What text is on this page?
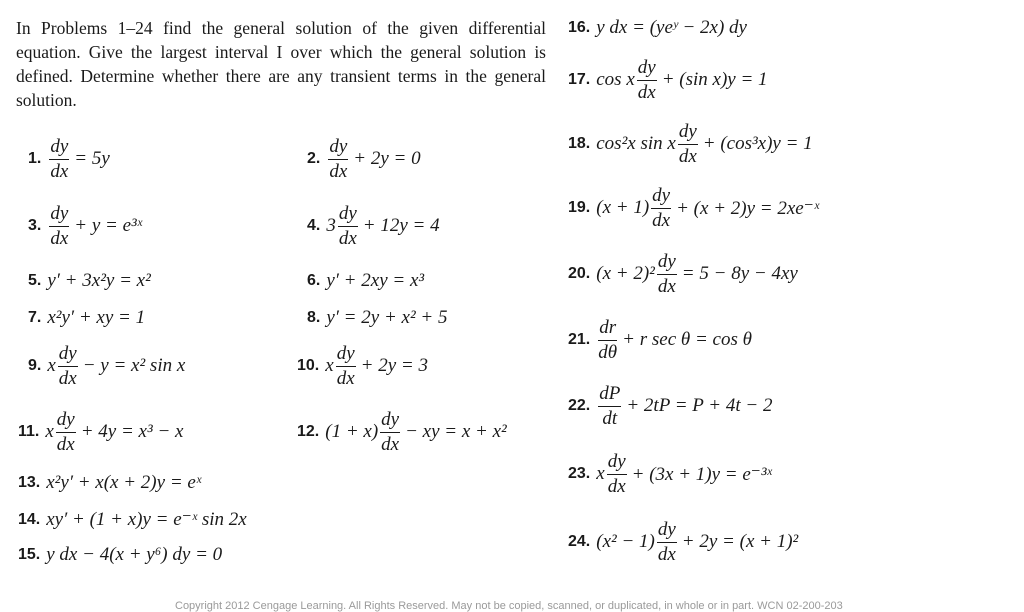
In Problems 1–24 find the general solution of the given differential equation. Give the largest interval I over which the general solution is defined. Determine whether there are any transient terms in the general solution.

1. $\frac{dy}{dx} = 5y$
3. $\frac{dy}{dx} + y$ = e³ˣ
5. y′ + 3x²y = x²
7. x²y′ + xy = 1
9. x $\frac{dy}{dx} - y = x^2$ sin x
11. x $\frac{dy}{dx} + 4y = x^3 - x$
13. x²y′ + x(x + 2)y = eˣ
14. xy′ + (1 + x)y = e⁻ˣ sin 2x
15. y dx − 4(x + y⁶) dy = 0
2. $\frac{dy}{dx} + 2y = 0$
4. $3 \frac{dy}{dx} + 12y = 4$
6. y′ + 2xy = x³
8. y′ = 2y + x² + 5
10. x $\frac{dy}{dx} + 2y = 3$
12. $(1 + x) \frac{dy}{dx}$ − xy = x + x²
16. y dx = (yeʸ − 2x) dy
17. cos x $\frac{dy}{dx} + (\sin$ x)y = 1
18. cos²x sin x $\frac{dy}{dx} + (\cos^3x)y = 1$
19. $(x + 1) \frac{dy}{dx} + (x + 2)y$ = 2xe⁻ˣ
20. $(x + 2)^2 \frac{dy}{dx} = 5 - 8y - 4xy$
21. $\frac{dr}{d\theta} + r$ sec θ = cos θ
22. $\frac{dP}{dt} + 2tP = P + 4t - 2$
23. x $\frac{dy}{dx} + (3x + 1)y$ = e⁻³ˣ
24. $(x^2 - 1) \frac{dy}{dx} + 2y = (x + 1)^2$
Copyright 2012 Cengage Learning. All Rights Reserved. May not be copied, scanned, or duplicated, in whole or in part. WCN 02-200-203
